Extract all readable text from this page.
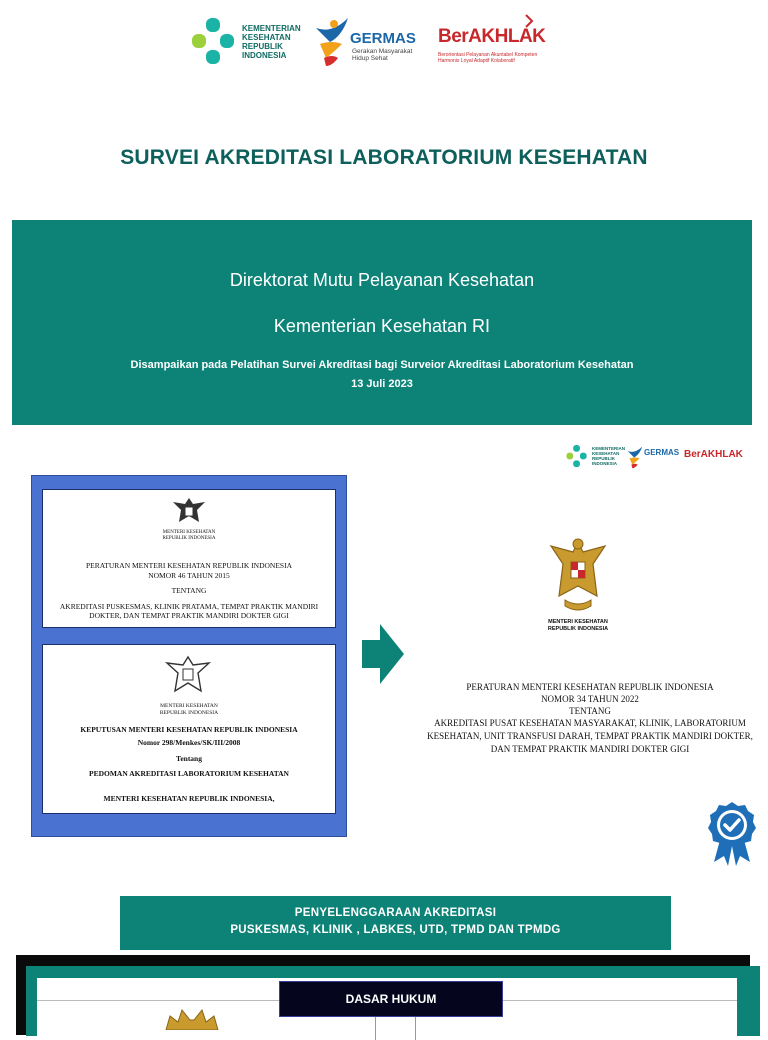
KEMENTERIAN
KESEHATAN
REPUBLIK
INDONESIA
GERMAS
Gerakan Masyarakat
Hidup Sehat
BerAKHLAK
Berorientasi Pelayanan Akuntabel Kompeten
Harmonis Loyal Adaptif Kolaboratif
SURVEI AKREDITASI LABORATORIUM KESEHATAN
Direktorat Mutu Pelayanan Kesehatan
Kementerian Kesehatan RI
Disampaikan pada Pelatihan Survei Akreditasi bagi Surveior Akreditasi Laboratorium Kesehatan
13 Juli 2023
KEMENTERIAN
KESEHATAN
REPUBLIK
INDONESIA
GERMAS BerAKHLAK
MENTERI KESEHATAN
REPUBLIK INDONESIA
PERATURAN MENTERI KESEHATAN REPUBLIK INDONESIA
NOMOR 46 TAHUN 2015
TENTANG
AKREDITASI PUSKESMAS, KLINIK PRATAMA, TEMPAT PRAKTIK MANDIRI
DOKTER, DAN TEMPAT PRAKTIK MANDIRI DOKTER GIGI
MENTERI KESEHATAN
REPUBLIK INDONESIA
KEPUTUSAN MENTERI KESEHATAN REPUBLIK INDONESIA
Nomor 298/Menkes/SK/III/2008
Tentang
PEDOMAN AKREDITASI LABORATORIUM KESEHATAN
MENTERI KESEHATAN REPUBLIK INDONESIA,
MENTERI KESEHATAN
REPUBLIK INDONESIA
PERATURAN MENTERI KESEHATAN REPUBLIK INDONESIA
NOMOR 34 TAHUN 2022
TENTANG
AKREDITASI PUSAT KESEHATAN MASYARAKAT, KLINIK, LABORATORIUM
KESEHATAN, UNIT TRANSFUSI DARAH, TEMPAT PRAKTIK MANDIRI DOKTER,
DAN TEMPAT PRAKTIK MANDIRI DOKTER GIGI
PENYELENGGARAAN AKREDITASI
PUSKESMAS, KLINIK , LABKES, UTD, TPMD DAN TPMDG
DASAR HUKUM
